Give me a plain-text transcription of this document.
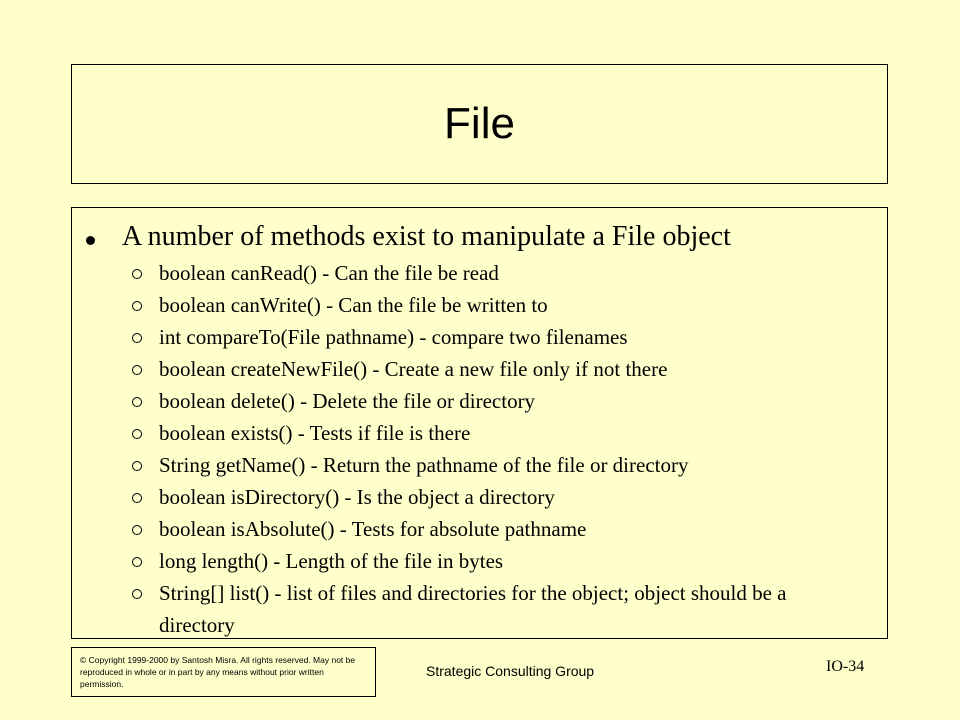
File
A number of methods exist to manipulate a File object
boolean canRead() - Can the file be read
boolean canWrite() - Can the file be written to
int compareTo(File pathname) - compare two filenames
boolean createNewFile() - Create a new file only if not there
boolean delete() - Delete the file or directory
boolean exists() - Tests if file is there
String getName() - Return the pathname of the file or directory
boolean isDirectory() - Is the object a directory
boolean isAbsolute() - Tests for absolute pathname
long length() - Length of the file in bytes
String[] list() - list of files and directories for the object; object should be a directory
© Copyright 1999-2000 by Santosh Misra. All rights reserved. May not be reproduced in whole or in part by any means without prior written permission.
Strategic Consulting Group	IO-34
